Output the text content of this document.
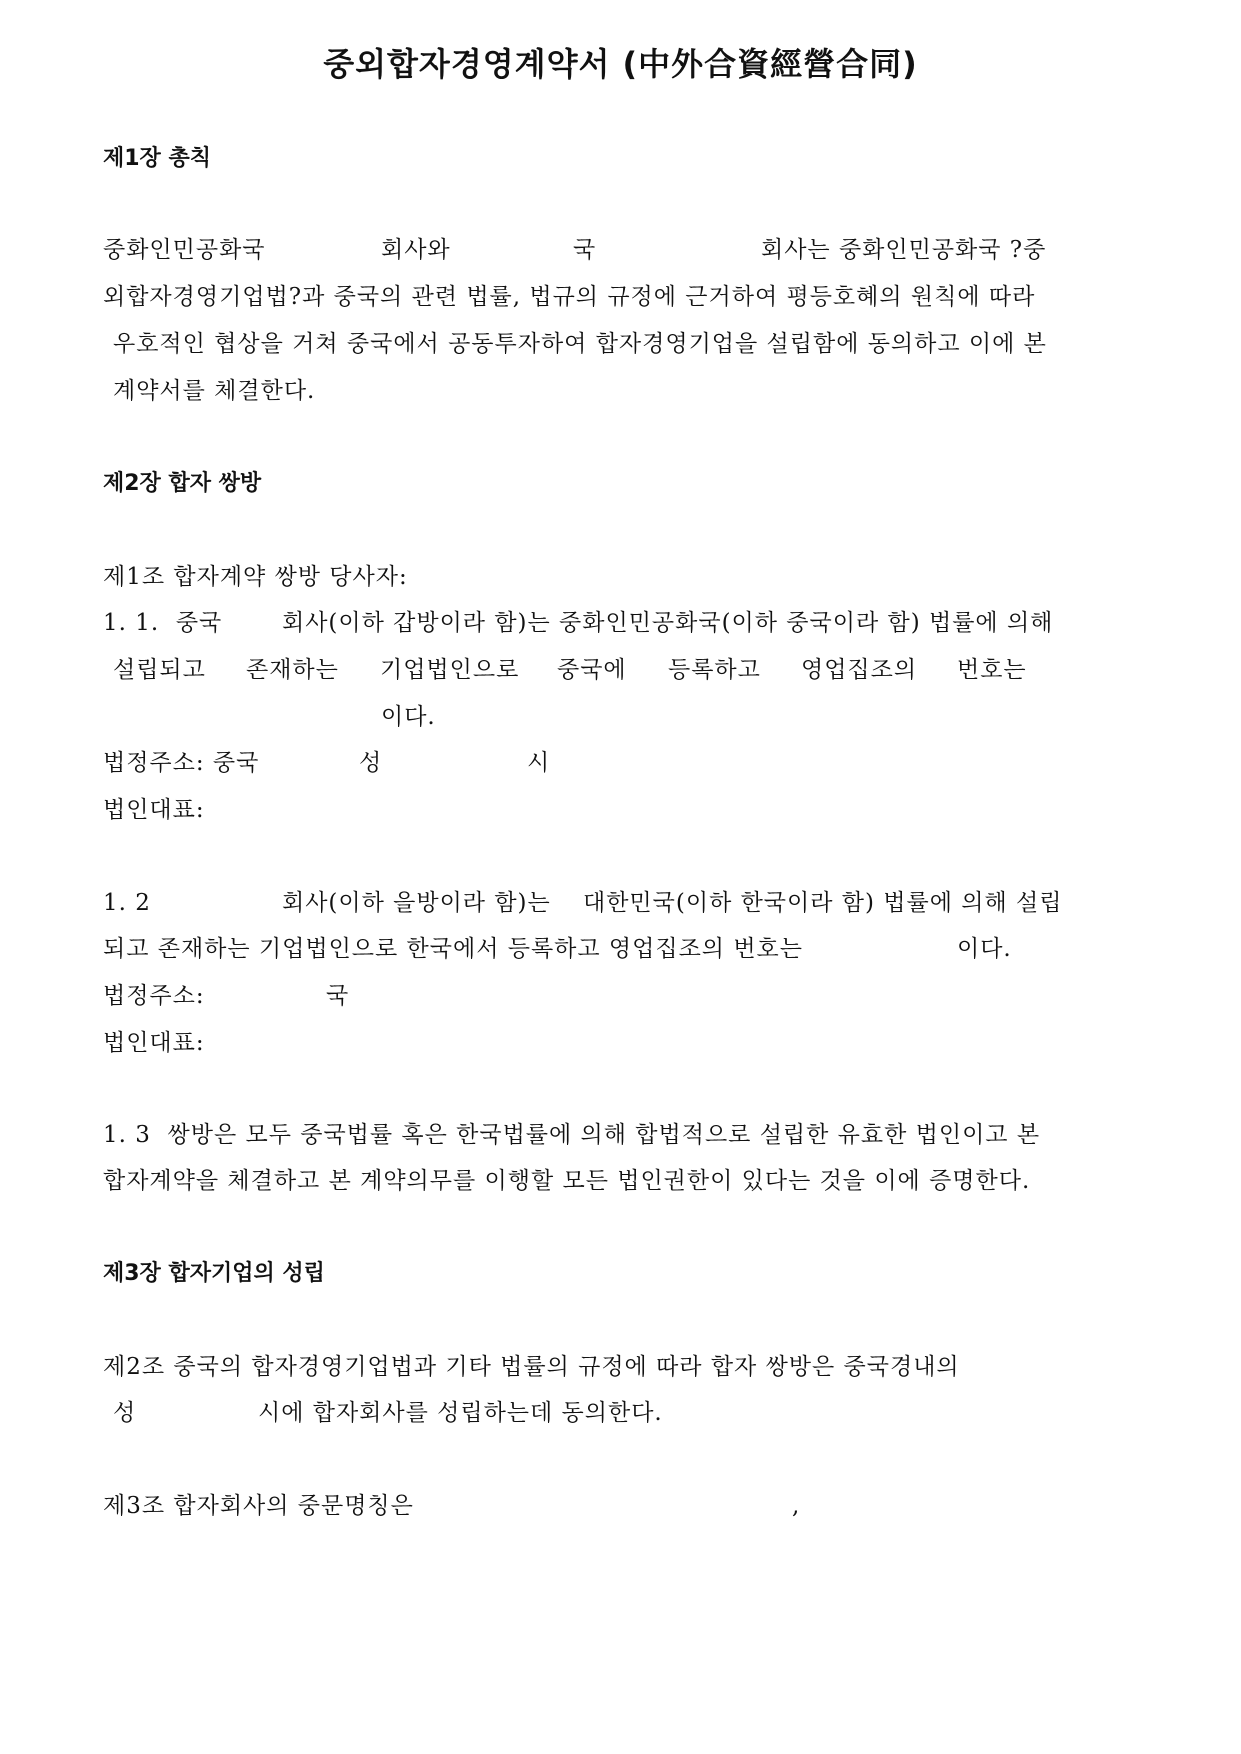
중외합자경영계약서 (中外合資經營合同)
제1장 총칙
중화인민공화국	회사와	국	회사는 중화인민공화국 ?중
외합자경영기업법?과 중국의 관련 법률, 법규의 규정에 근거하여 평등호혜의 원칙에 따라
우호적인 협상을 거쳐 중국에서 공동투자하여 합자경영기업을 설립함에 동의하고 이에 본
계약서를 체결한다.
제2장 합자 쌍방
제1조 합자계약 쌍방 당사자:
1. 1.  중국	회사(이하 갑방이라 함)는 중화인민공화국(이하 중국이라 함) 법률에 의해
설립되고 존재하는 기업법인으로 중국에 등록하고 영업집조의 번호는
이다.
법정주소: 중국	성	시
법인대표:
1. 2	회사(이하 을방이라 함)는 대한민국(이하 한국이라 함) 법률에 의해 설립
되고 존재하는 기업법인으로 한국에서 등록하고 영업집조의 번호는	이다.
법정주소:	국
법인대표:
1. 3  쌍방은 모두 중국법률 혹은 한국법률에 의해 합법적으로 설립한 유효한 법인이고 본
합자계약을 체결하고 본 계약의무를 이행할 모든 법인권한이 있다는 것을 이에 증명한다.
제3장 합자기업의 성립
제2조 중국의 합자경영기업법과 기타 법률의 규정에 따라 합자 쌍방은 중국경내의
성	시에 합자회사를 성립하는데 동의한다.
제3조 합자회사의 중문명칭은	,
